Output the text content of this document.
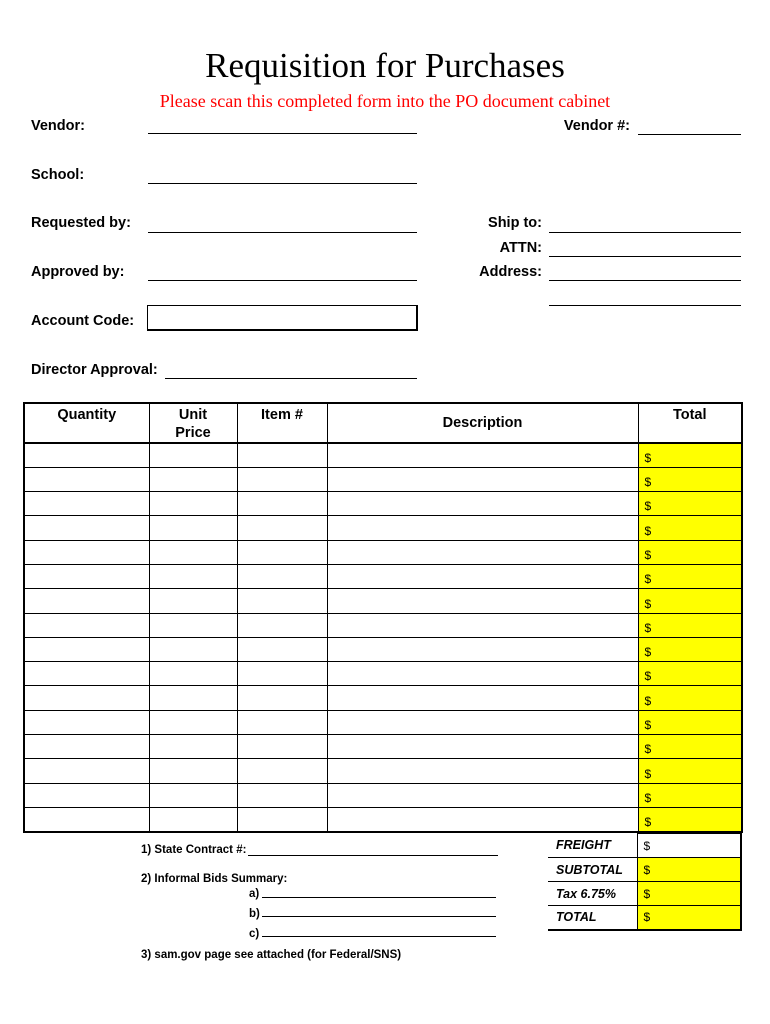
Requisition for Purchases
Please scan this completed form into the PO document cabinet
Vendor:
School:
Requested by:
Approved by:
Account Code:
Director Approval:
Vendor #:
Ship to:
ATTN:
Address:
Quantity	Unit Price	Item #	Description	Total
				$
				$
				$
				$
				$
				$
				$
				$
				$
				$
				$
				$
				$
				$
				$
				$
1) State Contract #:
2) Informal Bids Summary:
a)
b)
c)
3) sam.gov page see attached (for Federal/SNS)
FREIGHT		$
SUBTOTAL		$
Tax 6.75%		$
TOTAL		$
